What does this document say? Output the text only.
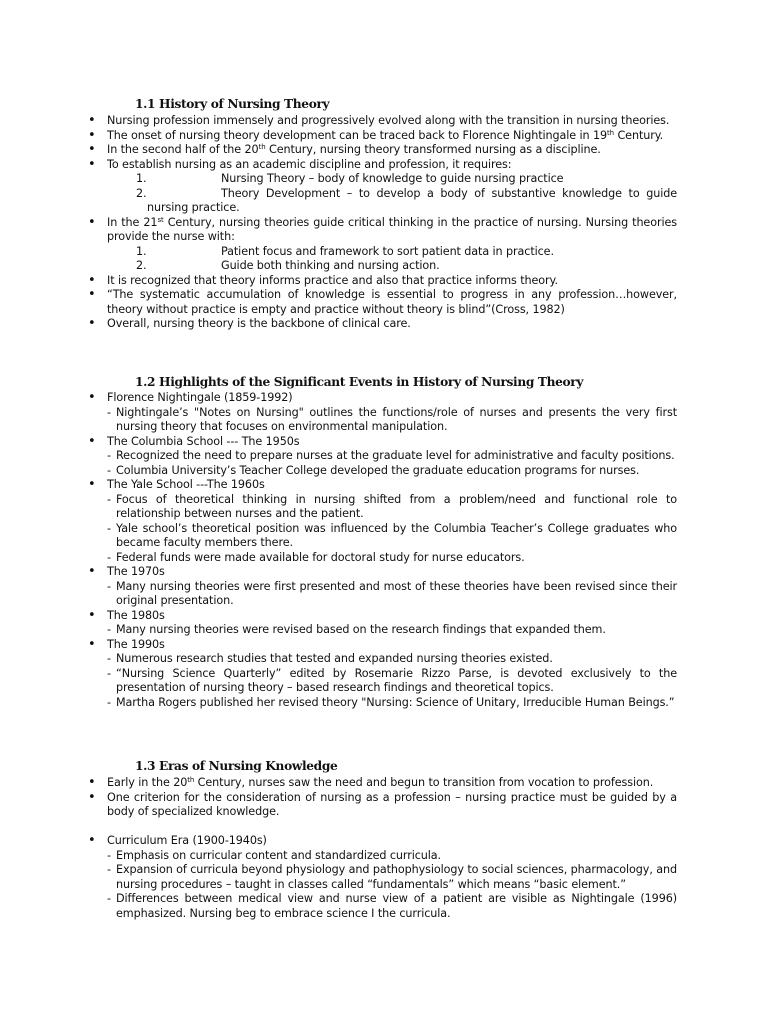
1.1 History of Nursing Theory
• Nursing profession immensely and progressively evolved along with the transition in nursing theories.
• The onset of nursing theory development can be traced back to Florence Nightingale in 19th Century.
• In the second half of the 20th Century, nursing theory transformed nursing as a discipline.
• To establish nursing as an academic discipline and profession, it requires:
1.	Nursing Theory – body of knowledge to guide nursing practice
2.	Theory Development – to develop a body of substantive knowledge to guide nursing practice.
• In the 21st Century, nursing theories guide critical thinking in the practice of nursing. Nursing theories provide the nurse with:
1.	Patient focus and framework to sort patient data in practice.
2.	Guide both thinking and nursing action.
• It is recognized that theory informs practice and also that practice informs theory.
• “The systematic accumulation of knowledge is essential to progress in any profession…however, theory without practice is empty and practice without theory is blind”(Cross, 1982)
• Overall, nursing theory is the backbone of clinical care.
1.2 Highlights of the Significant Events in History of Nursing Theory
• Florence Nightingale (1859-1992)
- Nightingale’s "Notes on Nursing" outlines the functions/role of nurses and presents the very first nursing theory that focuses on environmental manipulation.
• The Columbia School --- The 1950s
- Recognized the need to prepare nurses at the graduate level for administrative and faculty positions.
- Columbia University’s Teacher College developed the graduate education programs for nurses.
• The Yale School ---The 1960s
- Focus of theoretical thinking in nursing shifted from a problem/need and functional role to relationship between nurses and the patient.
- Yale school’s theoretical position was influenced by the Columbia Teacher’s College graduates who became faculty members there.
- Federal funds were made available for doctoral study for nurse educators.
• The 1970s
- Many nursing theories were first presented and most of these theories have been revised since their original presentation.
• The 1980s
- Many nursing theories were revised based on the research findings that expanded them.
• The 1990s
- Numerous research studies that tested and expanded nursing theories existed.
- “Nursing Science Quarterly” edited by Rosemarie Rizzo Parse, is devoted exclusively to the presentation of nursing theory – based research findings and theoretical topics.
- Martha Rogers published her revised theory "Nursing: Science of Unitary, Irreducible Human Beings.”
1.3 Eras of Nursing Knowledge
• Early in the 20th Century, nurses saw the need and begun to transition from vocation to profession.
• One criterion for the consideration of nursing as a profession – nursing practice must be guided by a body of specialized knowledge.
• Curriculum Era (1900-1940s)
- Emphasis on curricular content and standardized curricula.
- Expansion of curricula beyond physiology and pathophysiology to social sciences, pharmacology, and nursing procedures – taught in classes called “fundamentals” which means “basic element.”
- Differences between medical view and nurse view of a patient are visible as Nightingale (1996) emphasized. Nursing beg to embrace science I the curricula.
